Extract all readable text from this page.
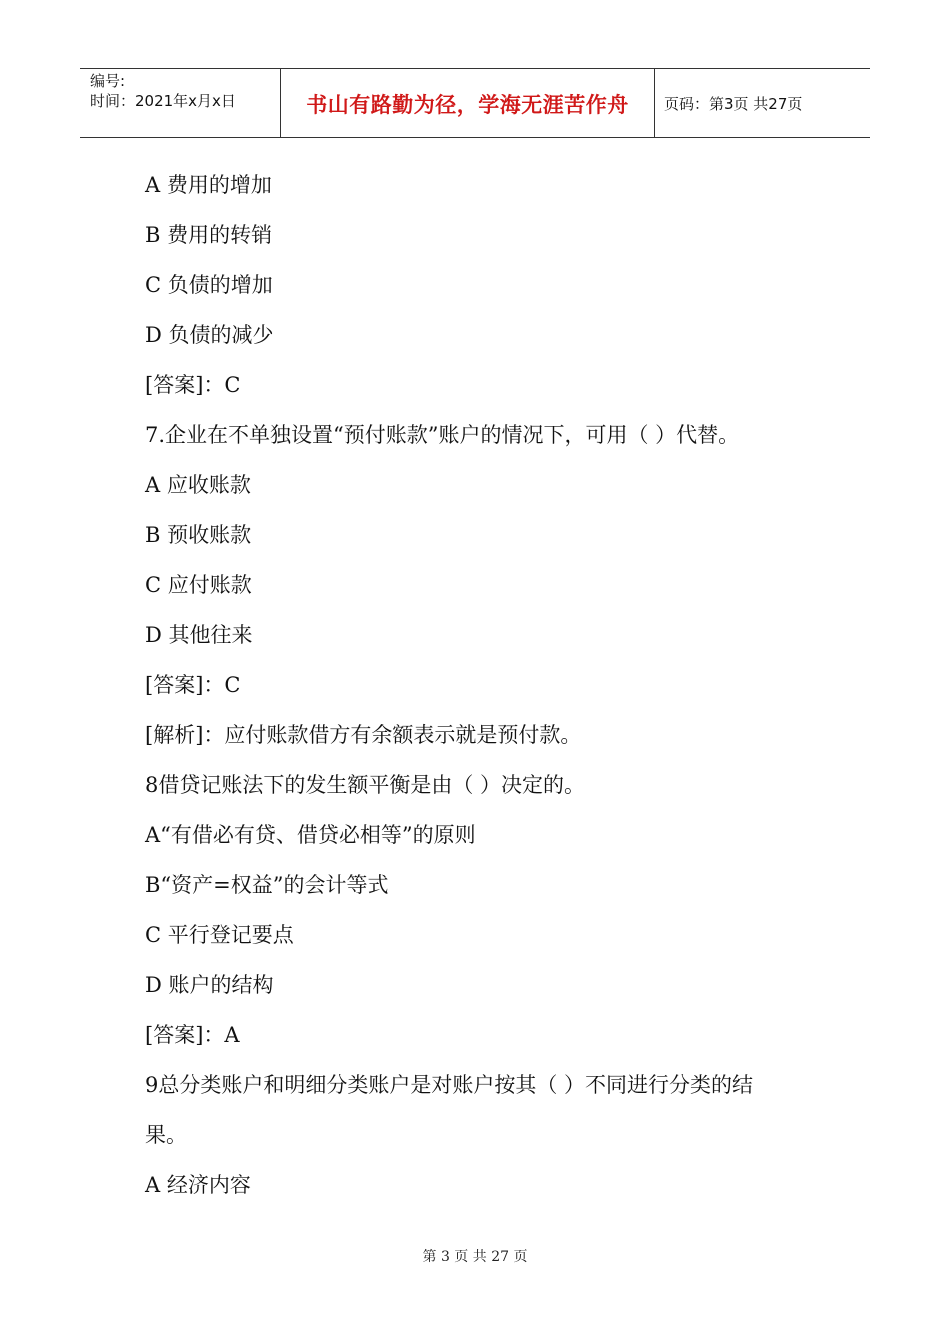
编号:
时间：2021年x月x日	书山有路勤为径，学海无涯苦作舟	页码：第3页 共27页
A 费用的增加
B 费用的转销
C 负债的增加
D 负债的减少
[答案]：C
7.企业在不单独设置“预付账款”账户的情况下，可用（ ）代替。
A 应收账款
B 预收账款
C 应付账款
D 其他往来
[答案]：C
[解析]：应付账款借方有余额表示就是预付款。
8借贷记账法下的发生额平衡是由（ ）决定的。
A“有借必有贷、借贷必相等”的原则
B“资产=权益”的会计等式
C 平行登记要点
D 账户的结构
[答案]：A
9总分类账户和明细分类账户是对账户按其（ ）不同进行分类的结
果。
A 经济内容
第 3 页 共 27 页
